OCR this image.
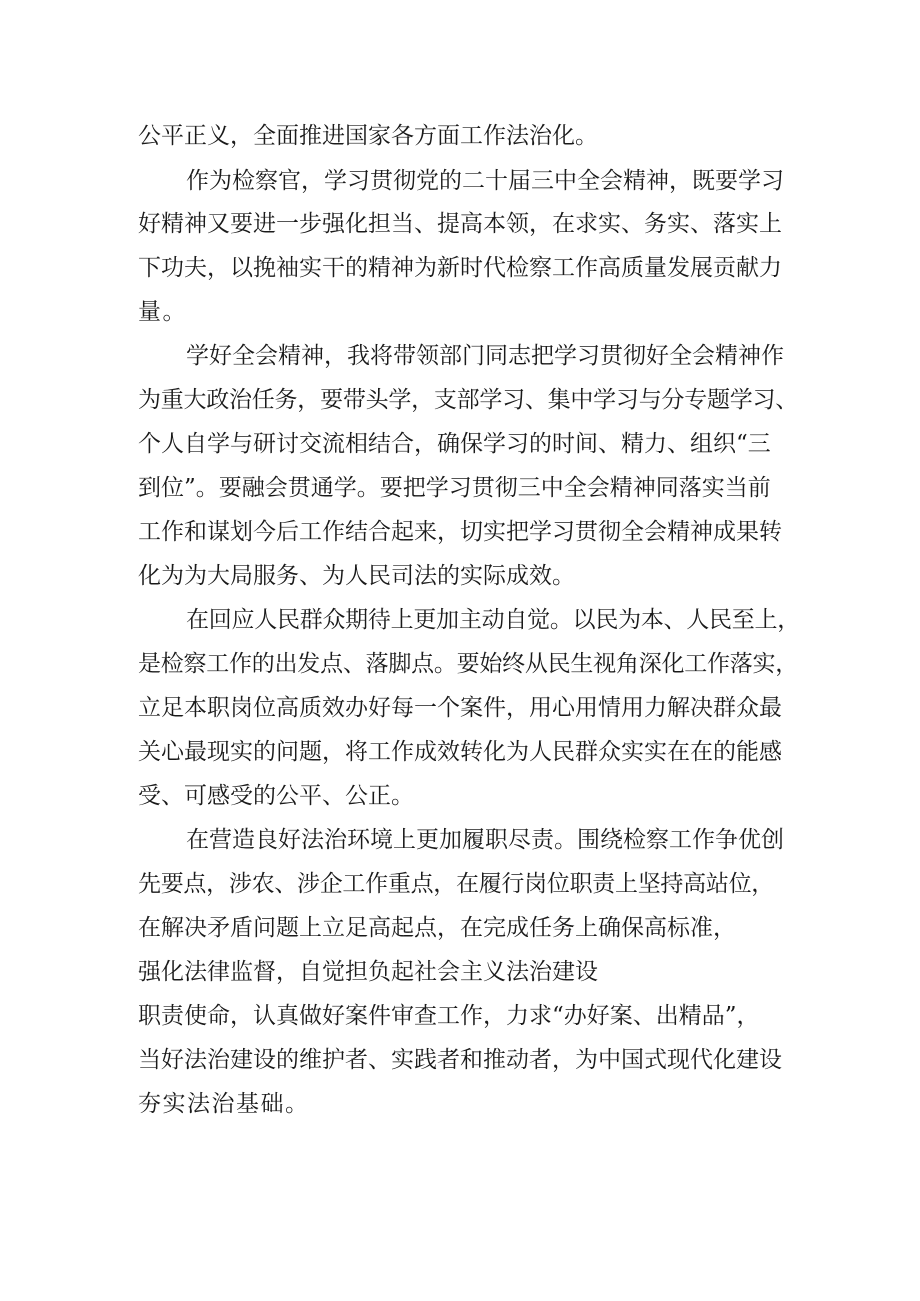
公平正义，全面推进国家各方面工作法治化。
作为检察官，学习贯彻党的二十届三中全会精神，既要学习
好精神又要进一步强化担当、提高本领，在求实、务实、落实上
下功夫，以挽袖实干的精神为新时代检察工作高质量发展贡献力
量。
学好全会精神，我将带领部门同志把学习贯彻好全会精神作
为重大政治任务，要带头学，支部学习、集中学习与分专题学习、
个人自学与研讨交流相结合，确保学习的时间、精力、组织“三
到位”。要融会贯通学。要把学习贯彻三中全会精神同落实当前
工作和谋划今后工作结合起来，切实把学习贯彻全会精神成果转
化为为大局服务、为人民司法的实际成效。
在回应人民群众期待上更加主动自觉。以民为本、人民至上，
是检察工作的出发点、落脚点。要始终从民生视角深化工作落实，
立足本职岗位高质效办好每一个案件，用心用情用力解决群众最
关心最现实的问题，将工作成效转化为人民群众实实在在的能感
受、可感受的公平、公正。
在营造良好法治环境上更加履职尽责。围绕检察工作争优创
先要点，涉农、涉企工作重点，在履行岗位职责上坚持高站位，
在解决矛盾问题上立足高起点，在完成任务上确保高标准，
强化法律监督，自觉担负起社会主义法治建设
职责使命，认真做好案件审查工作，力求“办好案、出精品”，
当好法治建设的维护者、实践者和推动者，为中国式现代化建设
夯实法治基础。
